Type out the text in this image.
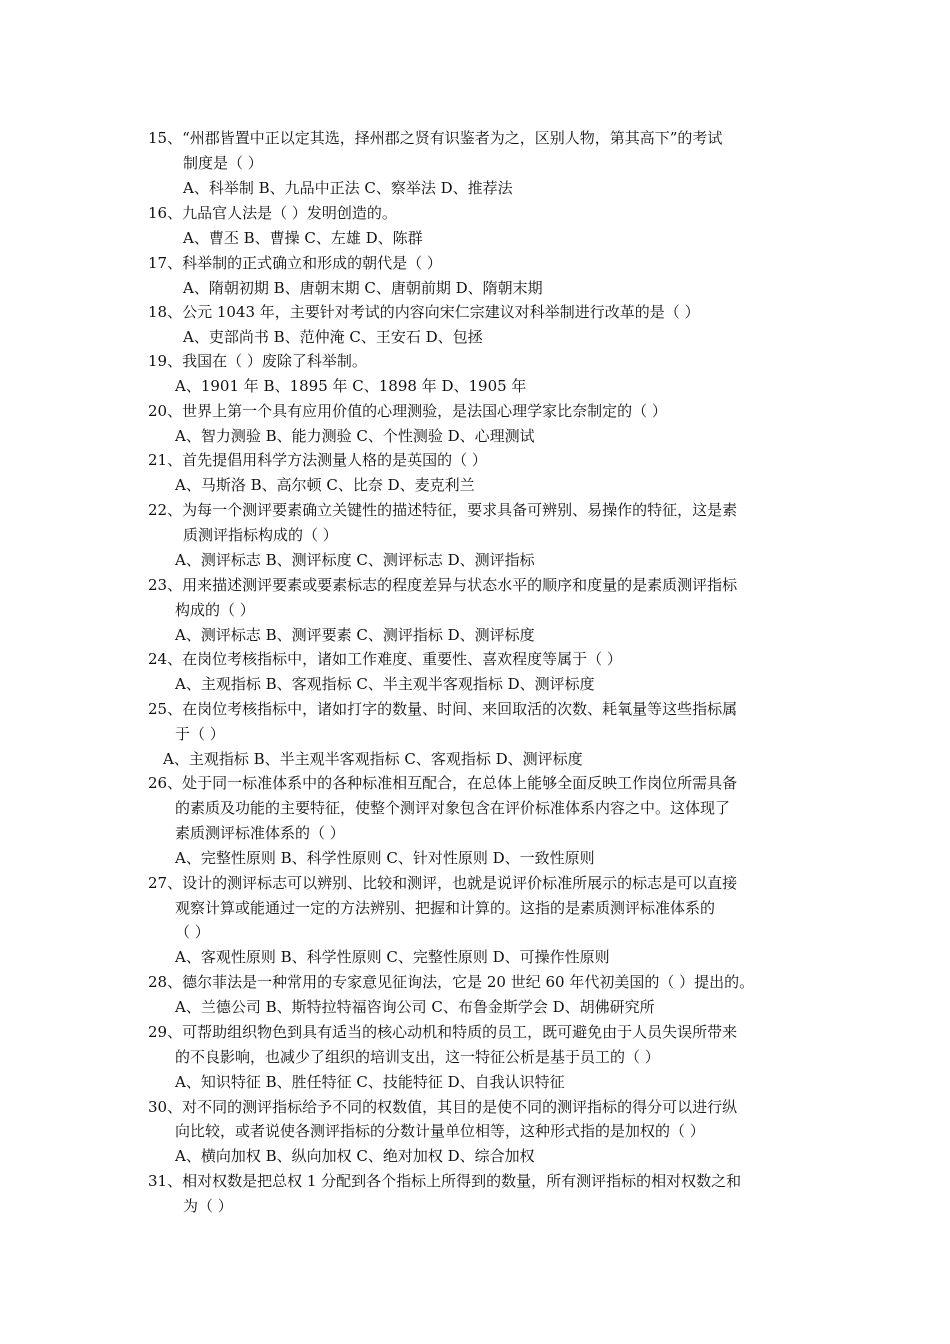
15、“州郡皆置中正以定其选，择州郡之贤有识鉴者为之，区别人物，第其高下”的考试
制度是（ ）
A、科举制 B、九品中正法 C、察举法 D、推荐法
16、九品官人法是（ ）发明创造的。
A、曹丕 B、曹操 C、左雄 D、陈群
17、科举制的正式确立和形成的朝代是（ ）
A、隋朝初期 B、唐朝末期 C、唐朝前期 D、隋朝末期
18、公元 1043 年，主要针对考试的内容向宋仁宗建议对科举制进行改革的是（ ）
A、吏部尚书 B、范仲淹 C、王安石 D、包拯
19、我国在（ ）废除了科举制。
A、1901 年 B、1895 年 C、1898 年 D、1905 年
20、世界上第一个具有应用价值的心理测验，是法国心理学家比奈制定的（ ）
A、智力测验 B、能力测验 C、个性测验 D、心理测试
21、首先提倡用科学方法测量人格的是英国的（ ）
A、马斯洛 B、高尔顿 C、比奈 D、麦克利兰
22、为每一个测评要素确立关键性的描述特征，要求具备可辨别、易操作的特征，这是素
质测评指标构成的（ ）
A、测评标志 B、测评标度 C、测评标志 D、测评指标
23、用来描述测评要素或要素标志的程度差异与状态水平的顺序和度量的是素质测评指标
构成的（ ）
A、测评标志 B、测评要素 C、测评指标 D、测评标度
24、在岗位考核指标中，诸如工作难度、重要性、喜欢程度等属于（ ）
A、主观指标 B、客观指标 C、半主观半客观指标 D、测评标度
25、在岗位考核指标中，诸如打字的数量、时间、来回取活的次数、耗氧量等这些指标属
于（ ）
A、主观指标 B、半主观半客观指标 C、客观指标 D、测评标度
26、处于同一标准体系中的各种标准相互配合，在总体上能够全面反映工作岗位所需具备
的素质及功能的主要特征，使整个测评对象包含在评价标准体系内容之中。这体现了
素质测评标准体系的（ ）
A、完整性原则 B、科学性原则 C、针对性原则 D、一致性原则
27、设计的测评标志可以辨别、比较和测评，也就是说评价标准所展示的标志是可以直接
观察计算或能通过一定的方法辨别、把握和计算的。这指的是素质测评标准体系的
（ ）
A、客观性原则 B、科学性原则 C、完整性原则 D、可操作性原则
28、德尔菲法是一种常用的专家意见征询法，它是 20 世纪 60 年代初美国的（ ）提出的。
A、兰德公司 B、斯特拉特福咨询公司 C、布鲁金斯学会 D、胡佛研究所
29、可帮助组织物色到具有适当的核心动机和特质的员工，既可避免由于人员失误所带来
的不良影响，也减少了组织的培训支出，这一特征公析是基于员工的（ ）
A、知识特征 B、胜任特征 C、技能特征 D、自我认识特征
30、对不同的测评指标给予不同的权数值，其目的是使不同的测评指标的得分可以进行纵
向比较，或者说使各测评指标的分数计量单位相等，这种形式指的是加权的（ ）
A、横向加权 B、纵向加权 C、绝对加权 D、综合加权
31、相对权数是把总权 1 分配到各个指标上所得到的数量，所有测评指标的相对权数之和
为（ ）
